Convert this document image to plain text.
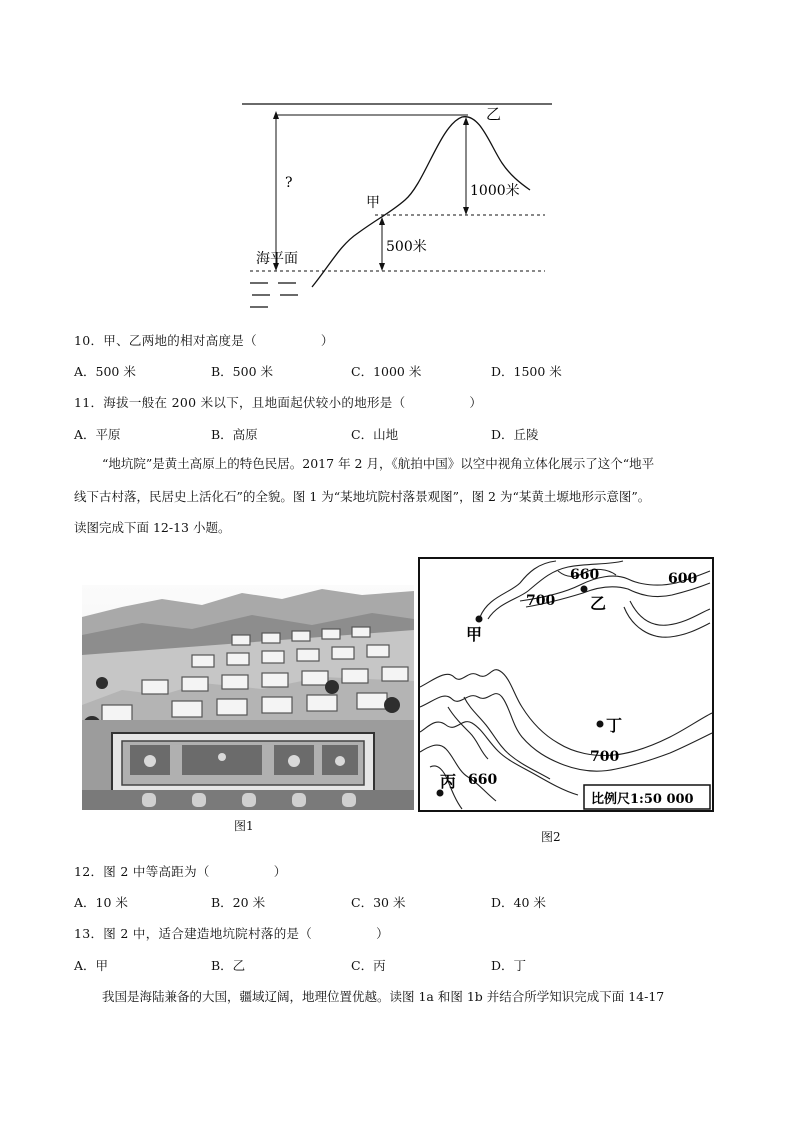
乙
甲
?	1000米
500米
海平面
10．甲、乙两地的相对高度是（　　　　　）
A．500 米	B．500 米	C．1000 米	D．1500 米
11．海拔一般在 200 米以下，且地面起伏较小的地形是（　　　　　）
A．平原	B．高原	C．山地	D．丘陵
“地坑院”是黄土高原上的特色民居。2017 年 2 月，《航拍中国》以空中视角立体化展示了这个“地平
线下古村落，民居史上活化石”的全貌。图 1 为“某地坑院村落景观图”，图 2 为“某黄土塬地形示意图”。
读图完成下面 12-13 小题。
图1
660	600
700
700
660
甲
乙
丁
丙
比例尺1:50 000
图2
12．图 2 中等高距为（　　　　　）
A．10 米	B．20 米	C．30 米	D．40 米
13．图 2 中，适合建造地坑院村落的是（　　　　　）
A．甲	B．乙	C．丙	D．丁
我国是海陆兼备的大国，疆域辽阔，地理位置优越。读图 1a 和图 1b 并结合所学知识完成下面 14-17
